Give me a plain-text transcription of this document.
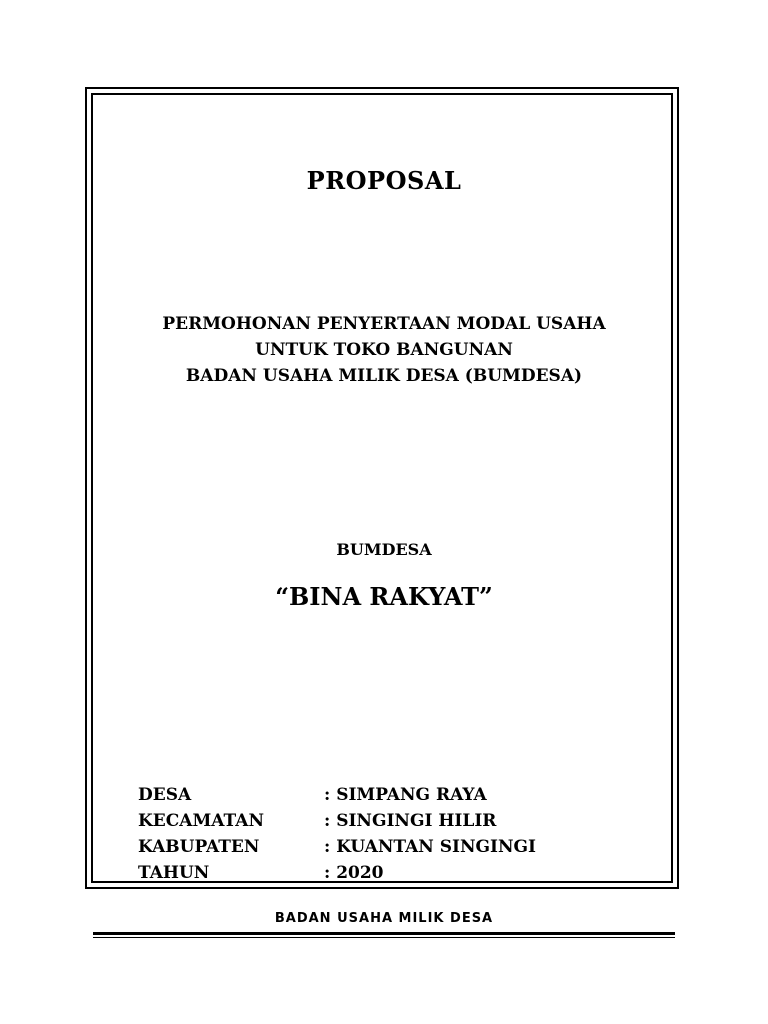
PROPOSAL
PERMOHONAN PENYERTAAN MODAL USAHA
UNTUK TOKO BANGUNAN
BADAN USAHA MILIK DESA (BUMDESA)
BUMDESA
“BINA RAKYAT”
DESA	: SIMPANG RAYA
KECAMATAN	: SINGINGI HILIR
KABUPATEN	: KUANTAN SINGINGI
TAHUN	: 2020
BADAN USAHA MILIK DESA
